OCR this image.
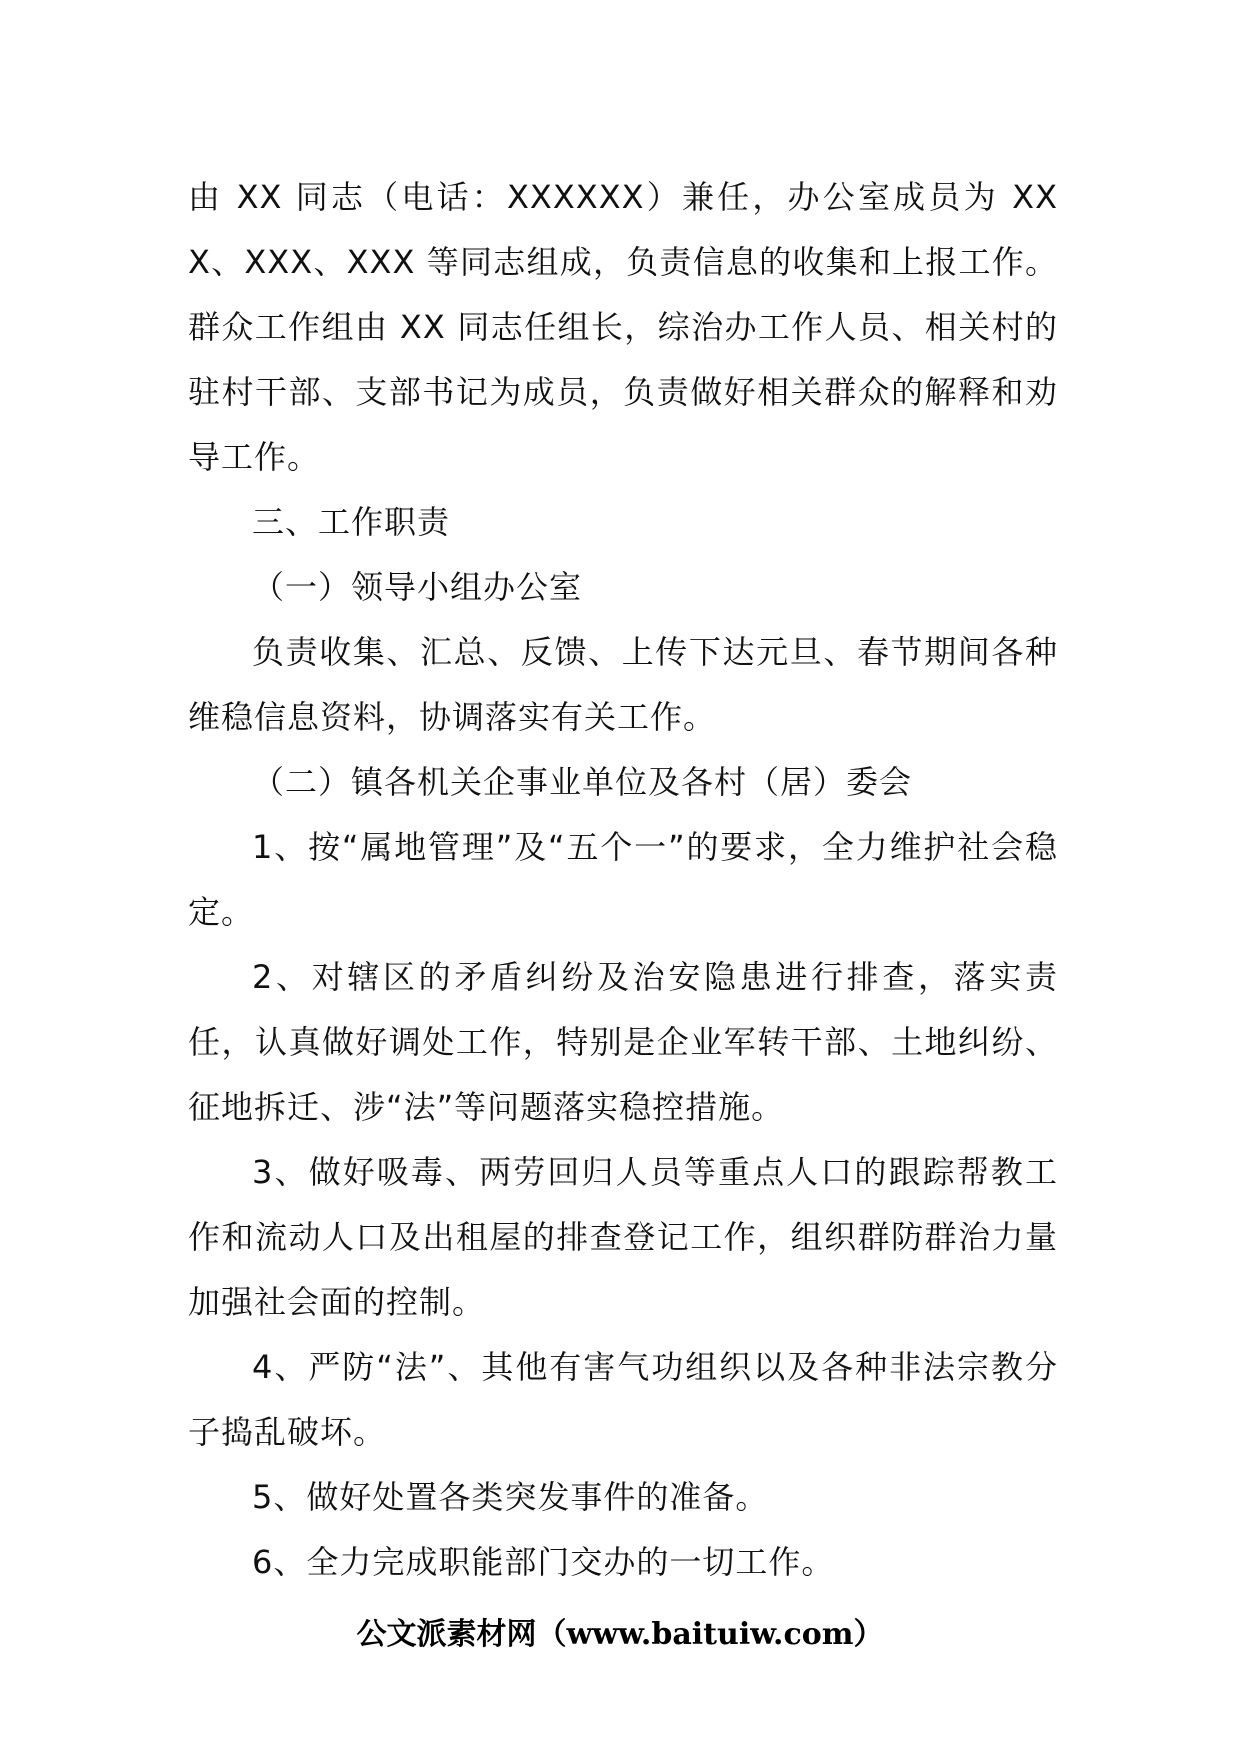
由 XX 同志（电话：XXXXXX）兼任，办公室成员为 XXX、XXX、XXX 等同志组成，负责信息的收集和上报工作。群众工作组由 XX 同志任组长，综治办工作人员、相关村的驻村干部、支部书记为成员，负责做好相关群众的解释和劝导工作。

三、工作职责

（一）领导小组办公室

负责收集、汇总、反馈、上传下达元旦、春节期间各种维稳信息资料，协调落实有关工作。

（二）镇各机关企事业单位及各村（居）委会

1、按“属地管理”及“五个一”的要求，全力维护社会稳定。

2、对辖区的矛盾纠纷及治安隐患进行排查，落实责任，认真做好调处工作，特别是企业军转干部、土地纠纷、征地拆迁、涉“法”等问题落实稳控措施。

3、做好吸毒、两劳回归人员等重点人口的跟踪帮教工作和流动人口及出租屋的排查登记工作，组织群防群治力量加强社会面的控制。

4、严防“法”、其他有害气功组织以及各种非法宗教分子捣乱破坏。

5、做好处置各类突发事件的准备。

6、全力完成职能部门交办的一切工作。

公文派素材网（www.baituiw.com）
